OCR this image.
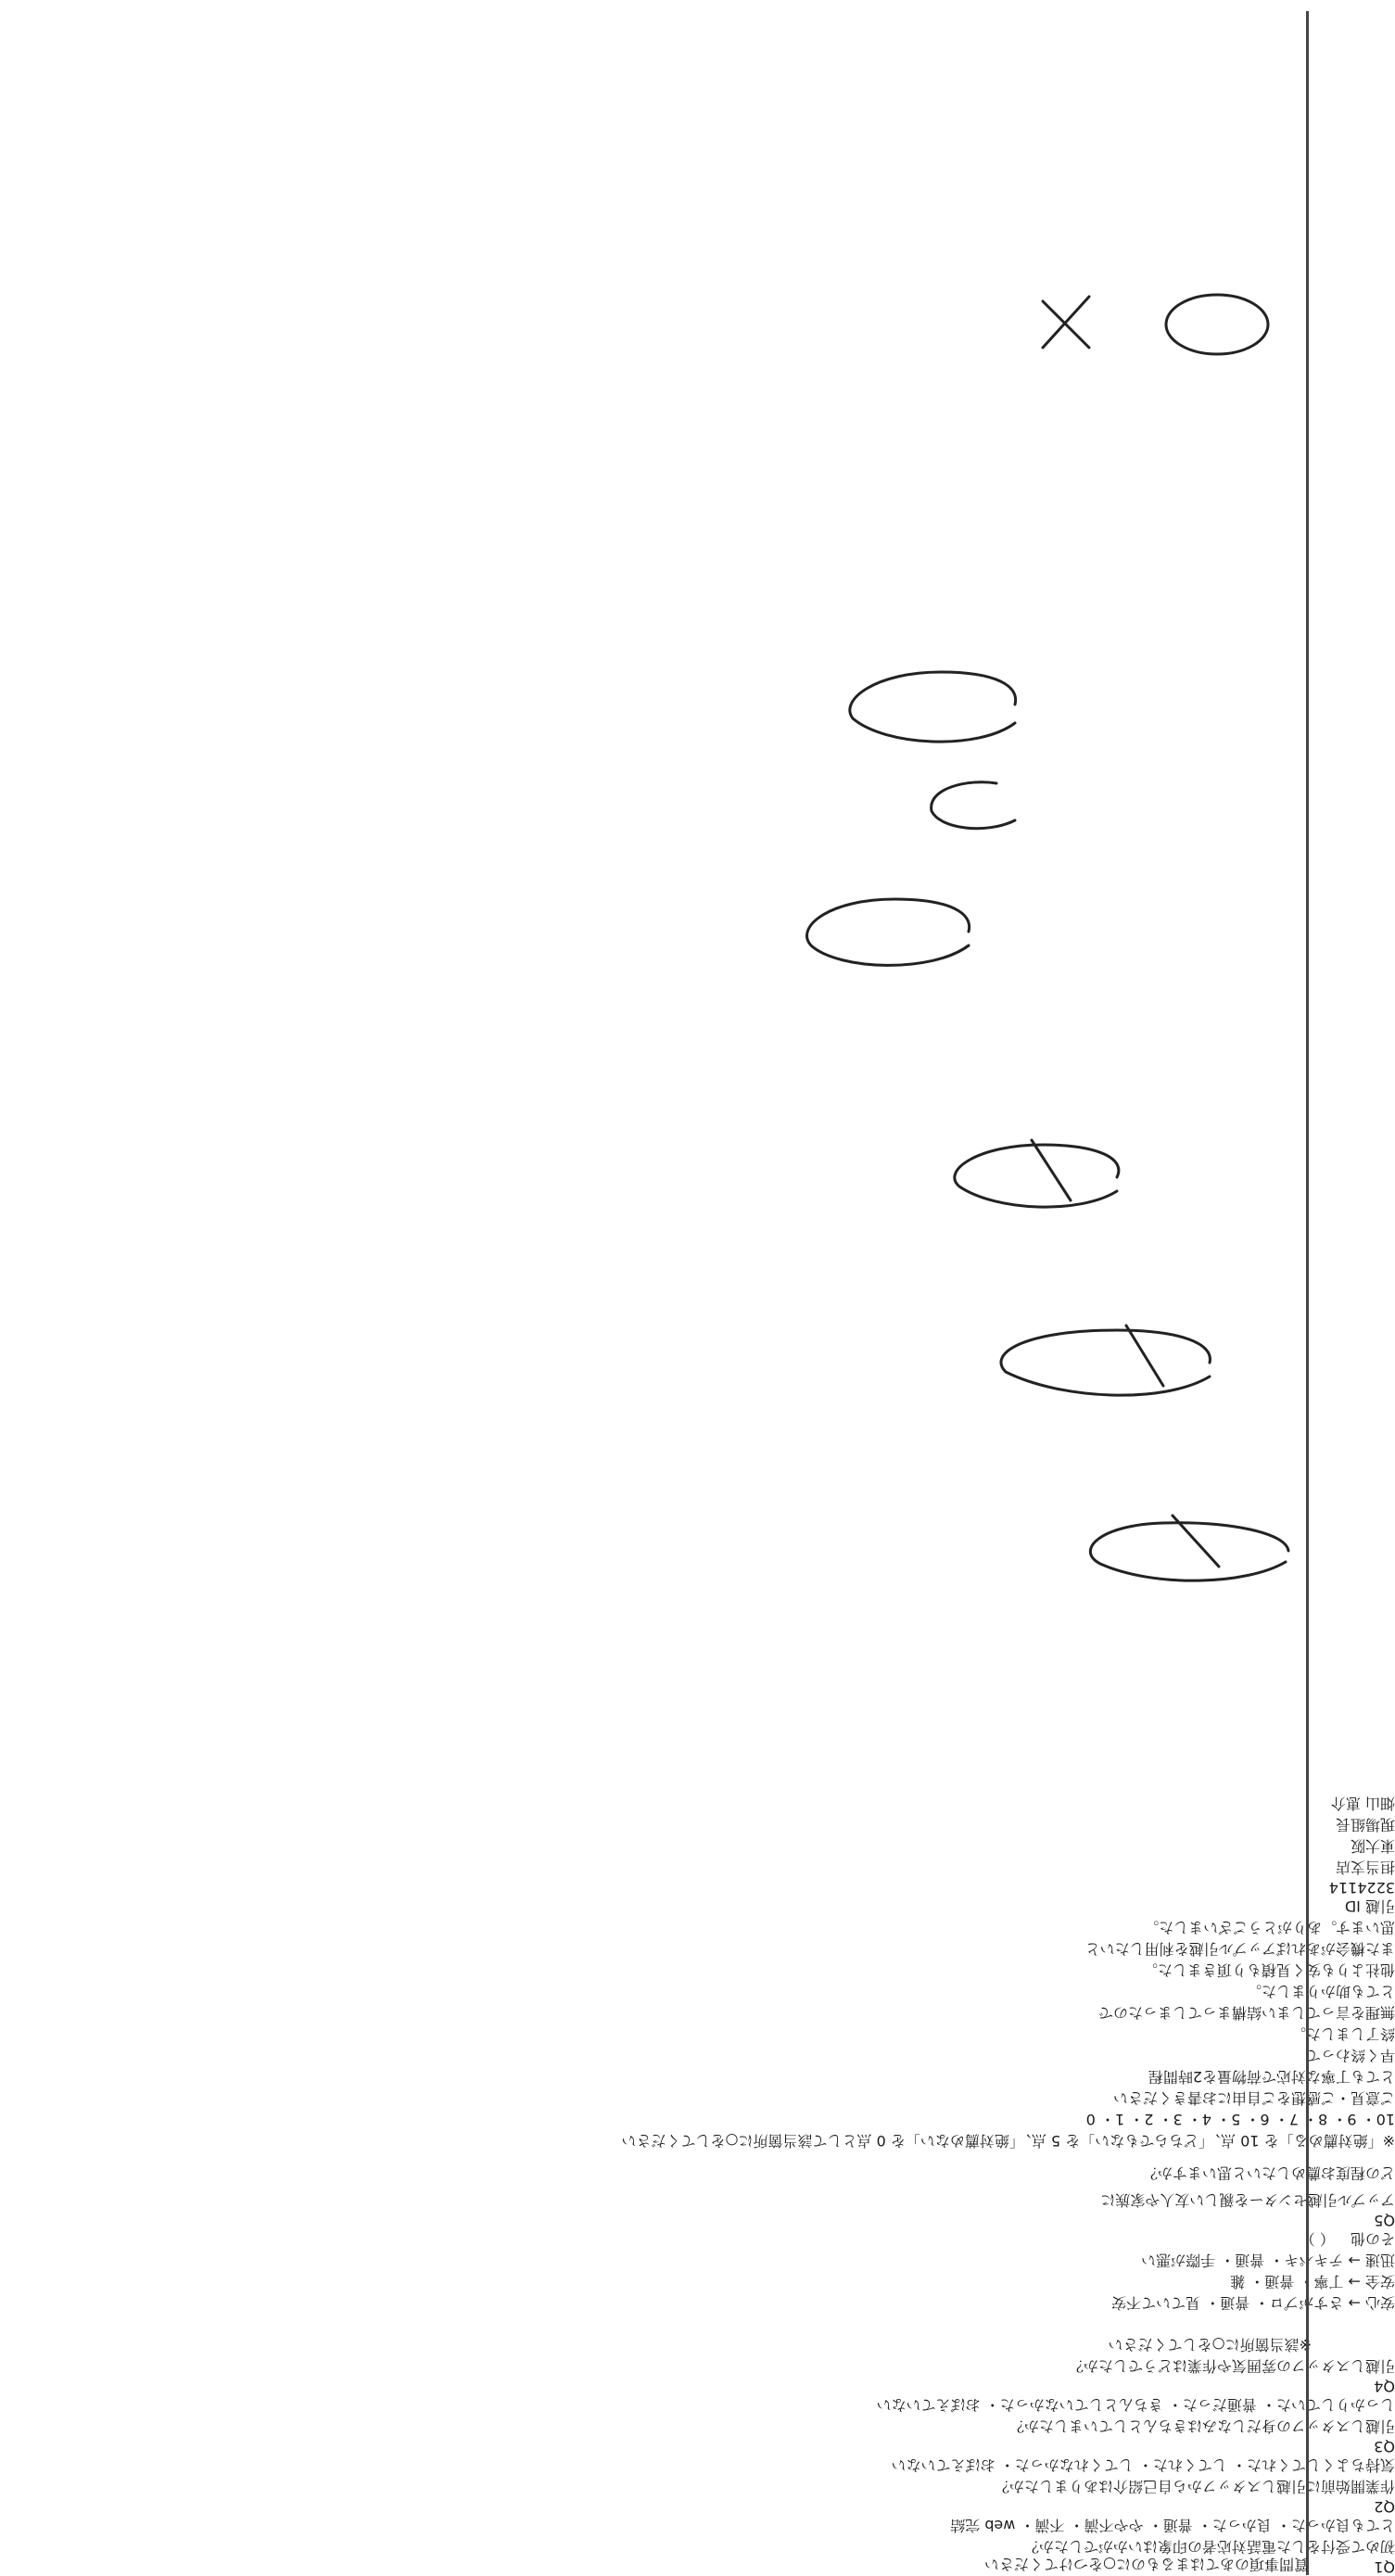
質問事項のあてはまるものに○をつけてください	Q1
初めて受付をした電話対応者の印象はいかがでしたか？
とても良かった・ 良かった・ 普通・ やや不満・ 不満・ web 完結
Q2
作業開始前に引越しスタッフから自己紹介はありましたか？
気持ちよくしてくれた・ してくれた・ してくれなかった・ おぼえていない
Q3
引越しスタッフの身だしなみはきちんとしていましたか？
しっかりしていた・ 普通だった・ きちんとしていなかった・ おぼえていない
Q4
引越しスタッフの雰囲気や作業はどうでしたか？
※該当箇所に○をしてください
安心 → さすがプロ・ 普通・ 見ていて不安
安全 → 丁寧・ 普通・ 雑
迅速 → テキパキ・ 普通・ 手際が悪い
その他 （ ）
Q5
アップル引越センターを親しい友人や家族に
どの程度お薦めしたいと思いますか？
※「絶対薦める」を 10 点、「どちらでもない」を 5 点、「絶対薦めない」を 0 点として該当箇所に○をしてください
10・ 9・ 8・ 7・ 6・ 5・ 4・ 3・ 2・ 1・ 0
ご意見・ご感想をご自由にお書きください
とても丁寧な対応で荷物量を2時間程
早く終わって
終了しました。
無理を言ってしまい結構まってしまったので
とても助かりました。
他社よりも安く見積もり頂きました。
また機会があればアップル引越を利用したいと
思います。ありがとうございました。
引越 ID
3224114
担当支店
東大阪
現場組長
畑山 恵介
